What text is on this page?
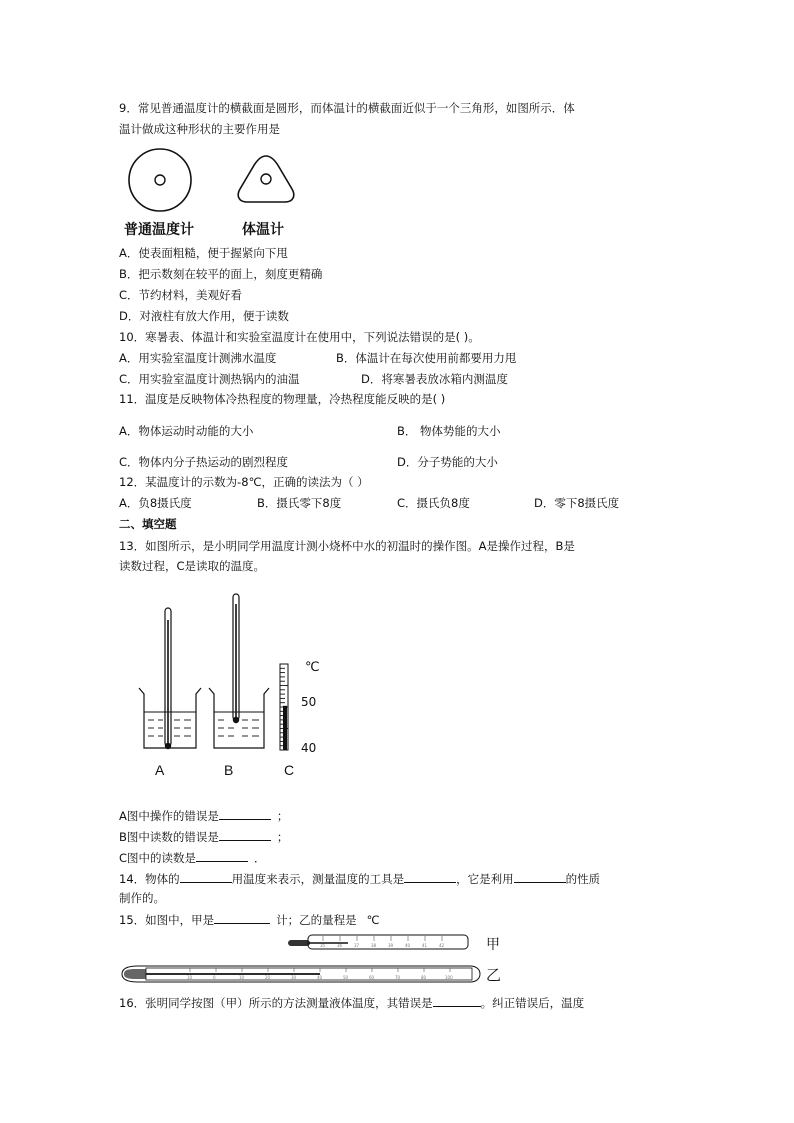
9．常见普通温度计的横截面是圆形，而体温计的横截面近似于一个三角形，如图所示．体
温计做成这种形状的主要作用是
普通温度计	体温计
A．使表面粗糙，便于握紧向下甩
B．把示数刻在较平的面上，刻度更精确
C．节约材料，美观好看
D．对液柱有放大作用，便于读数
10．寒暑表、体温计和实验室温度计在使用中，下列说法错误的是( )。
A．用实验室温度计测沸水温度	B．体温计在每次使用前都要用力甩
C．用实验室温度计测热锅内的油温	D．将寒暑表放冰箱内测温度
11．温度是反映物体冷热程度的物理量，冷热程度能反映的是( )
A．物体运动时动能的大小	B． 物体势能的大小
C．物体内分子热运动的剧烈程度	D．分子势能的大小
12．某温度计的示数为-8℃，正确的读法为（ ）
A．负8摄氏度	B．摄氏零下8度	C．摄氏负8度	D．零下8摄氏度
二、填空题
13．如图所示，是小明同学用温度计测小烧杯中水的初温时的操作图。A是操作过程，B是
读数过程，C是读取的温度。
℃
50
40
A	B	C
A图中操作的错误是	；
B图中读数的错误是	；
C图中的读数是	．
14．物体的	用温度来表示，测量温度的工具是	，它是利用	的性质
制作的。
15．如图中，甲是	计；乙的量程是 ℃
35	36	37	38	39	40	41	42	甲
10	0	10	20	30	40	50	60	70	80	100 乙
16．张明同学按图（甲）所示的方法测量液体温度，其错误是	。纠正错误后，温度
